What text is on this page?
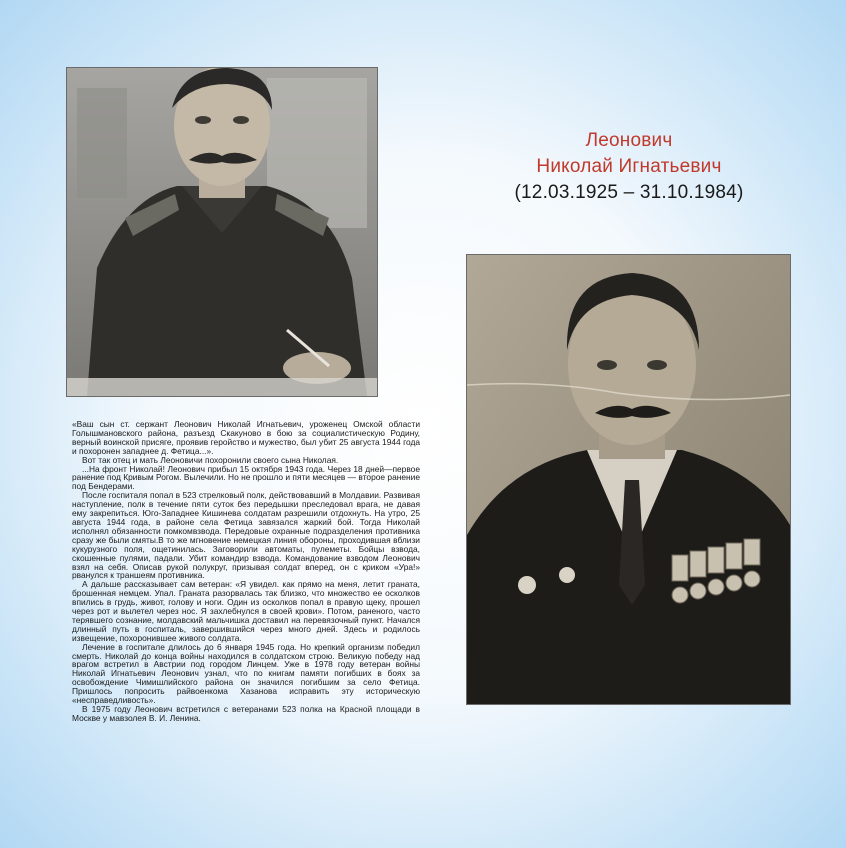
Леонович
Николай Игнатьевич
(12.03.1925 – 31.10.1984)

«Ваш сын ст. сержант Леонович Николай Игнатьевич, уроженец Омской области Голышмановского района, разъезд Скакуново в бою за социалистическую Родину, верный воинской присяге, проявив геройство и мужество, был убит 25 августа 1944 года и похоронен западнее д. Фетица...».

Вот так отец и мать Леоновичи похоронили своего сына Николая.

...На фронт Николай! Леонович прибыл 15 октября 1943 года. Через 18 дней—первое ранение под Кривым Рогом. Вылечили. Но не прошло и пяти месяцев — второе ранение под Бендерами.

После госпиталя попал в 523 стрелковый полк, действовавший в Молдавии. Развивая наступление, полк в течение пяти суток без передышки преследовал врага, не давая ему закрепиться. Юго-Западнее Кишинева солдатам разрешили отдохнуть. На утро, 25 августа 1944 года, в районе села Фетица завязался жаркий бой. Тогда Николай исполнял обязанности помкомвзвода. Передовые охранные подразделения противника сразу же были смяты.В то же мгновение немецкая линия обороны, проходившая вблизи кукурузного поля, ощетинилась. Заговорили автоматы, пулеметы. Бойцы взвода, скошенные пулями, падали. Убит командир взвода. Командование взводом Леонович взял на себя. Описав рукой полукруг, призывая солдат вперед, он с криком «Ура!» рванулся к траншеям противника.

А дальше рассказывает сам ветеран: «Я увидел. как прямо на меня, летит граната, брошенная немцем. Упал. Граната разорвалась так близко, что множество ее осколков впились в грудь, живот, голову и ноги. Один из осколков попал в правую щеку, прошел через рот и вылетел через нос. Я захлебнулся в своей крови». Потом, раненого, часто терявшего сознание, молдавский мальчишка доставил на перевязочный пункт. Начался длинный путь в госпиталь, завершившийся через много дней. Здесь и родилось извещение, похоронившее живого солдата.

Лечение в госпитале длилось до 6 января 1945 года. Но крепкий организм победил смерть. Николай до конца войны находился в солдатском строю. Великую победу над врагом встретил в Австрии под городом Линцем. Уже в 1978 году ветеран войны Николай Игнатьевич Леонович узнал, что по книгам памяти погибших в боях за освобождение Чимишлийского района он значился погибшим за село Фетица. Пришлось попросить райвоенкома Хазанова исправить эту историческую «несправедливость».

В 1975 году Леонович встретился с ветеранами 523 полка на Красной площади в Москве у мавзолея В. И. Ленина.
